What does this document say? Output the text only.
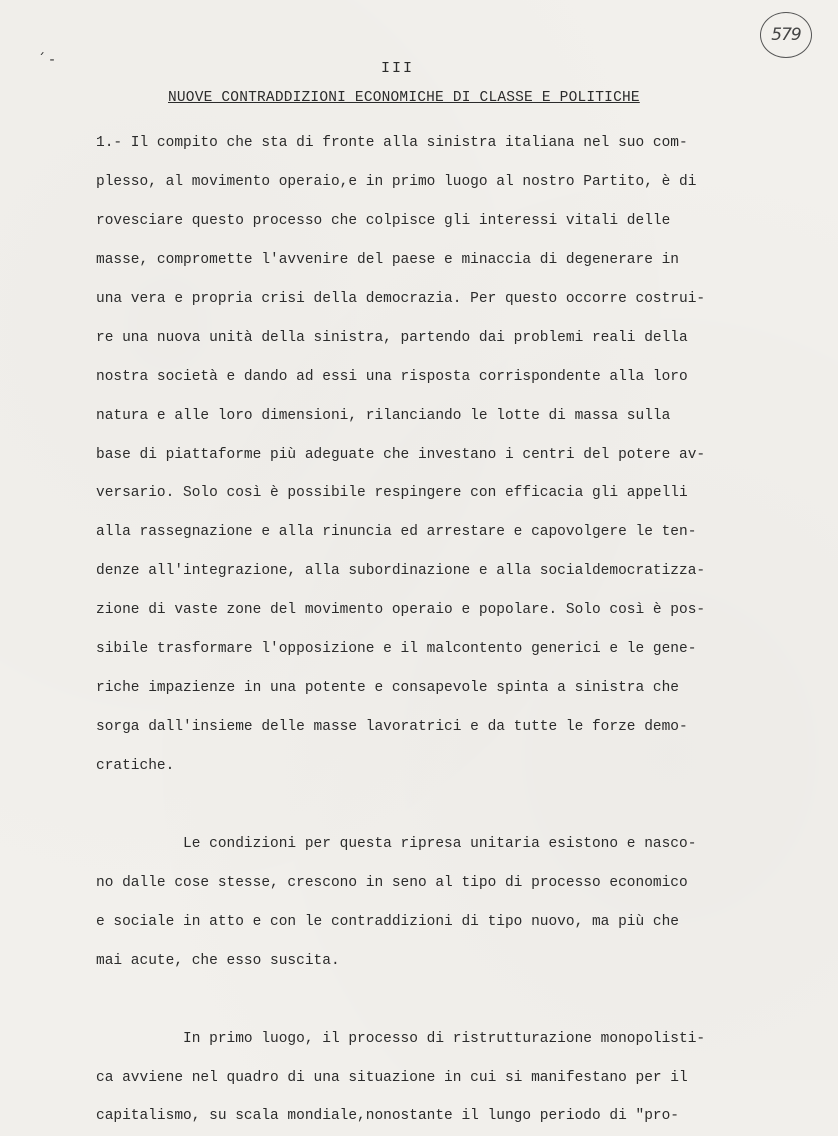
579
´ -	III
NUOVE CONTRADDIZIONI ECONOMICHE DI CLASSE E POLITICHE
1.- Il compito che sta di fronte alla sinistra italiana nel suo com-
plesso, al movimento operaio,e in primo luogo al nostro Partito, è di
rovesciare questo processo che colpisce gli interessi vitali delle
masse, compromette l'avvenire del paese e minaccia di degenerare in
una vera e propria crisi della democrazia. Per questo occorre costrui-
re una nuova unità della sinistra, partendo dai problemi reali della
nostra società e dando ad essi una risposta corrispondente alla loro
natura e alle loro dimensioni, rilanciando le lotte di massa sulla
base di piattaforme più adeguate che investano i centri del potere av-
versario. Solo così è possibile respingere con efficacia gli appelli
alla rassegnazione e alla rinuncia ed arrestare e capovolgere le ten-
denze all'integrazione, alla subordinazione e alla socialdemocratizza-
zione di vaste zone del movimento operaio e popolare. Solo così è pos-
sibile trasformare l'opposizione e il malcontento generici e le gene-
riche impazienze in una potente e consapevole spinta a sinistra che
sorga dall'insieme delle masse lavoratrici e da tutte le forze demo-
cratiche.
Le condizioni per questa ripresa unitaria esistono e nasco-
no dalle cose stesse, crescono in seno al tipo di processo economico
e sociale in atto e con le contraddizioni di tipo nuovo, ma più che
mai acute, che esso suscita.
In primo luogo, il processo di ristrutturazione monopolisti-
ca avviene nel quadro di una situazione in cui si manifestano per il
capitalismo, su scala mondiale,nonostante il lungo periodo di "pro-
